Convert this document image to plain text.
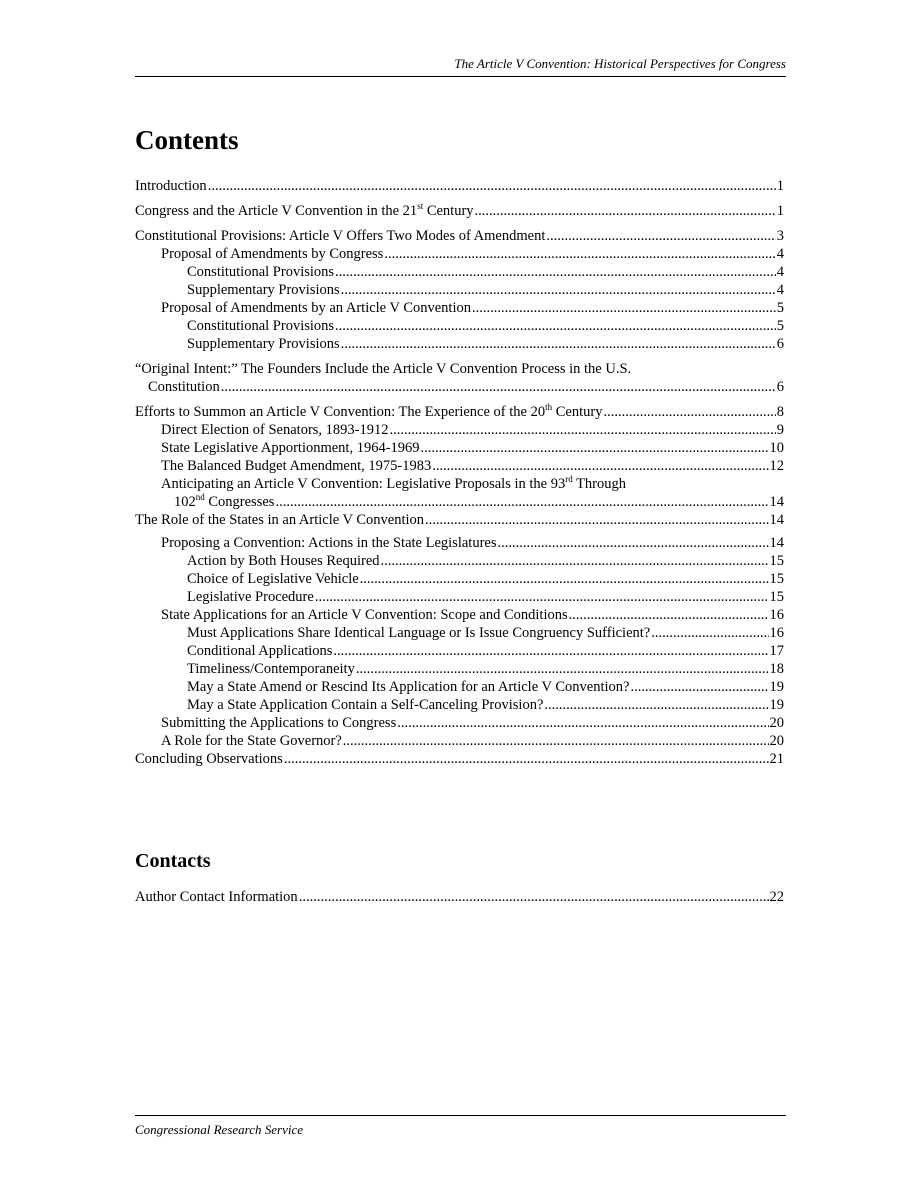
The Article V Convention: Historical Perspectives for Congress
Contents
Introduction .....	1
Congress and the Article V Convention in the 21st Century .....	1
Constitutional Provisions: Article V Offers Two Modes of Amendment .....	3
Proposal of Amendments by Congress .....	4
Constitutional Provisions .....	4
Supplementary Provisions .....	4
Proposal of Amendments by an Article V Convention .....	5
Constitutional Provisions .....	5
Supplementary Provisions .....	6
“Original Intent:” The Founders Include the Article V Convention Process in the U.S.
Constitution .....	6
Efforts to Summon an Article V Convention: The Experience of the 20th Century .....	8
Direct Election of Senators, 1893-1912 .....	9
State Legislative Apportionment, 1964-1969 .....	10
The Balanced Budget Amendment, 1975-1983 .....	12
Anticipating an Article V Convention: Legislative Proposals in the 93rd Through
102nd Congresses .....	14
The Role of the States in an Article V Convention .....	14
Proposing a Convention: Actions in the State Legislatures .....	14
Action by Both Houses Required .....	15
Choice of Legislative Vehicle .....	15
Legislative Procedure .....	15
State Applications for an Article V Convention: Scope and Conditions .....	16
Must Applications Share Identical Language or Is Issue Congruency Sufficient? .....	16
Conditional Applications .....	17
Timeliness/Contemporaneity .....	18
May a State Amend or Rescind Its Application for an Article V Convention? .....	19
May a State Application Contain a Self-Canceling Provision? .....	19
Submitting the Applications to Congress .....	20
A Role for the State Governor? .....	20
Concluding Observations .....	21
Contacts
Author Contact Information .....	22
Congressional Research Service
